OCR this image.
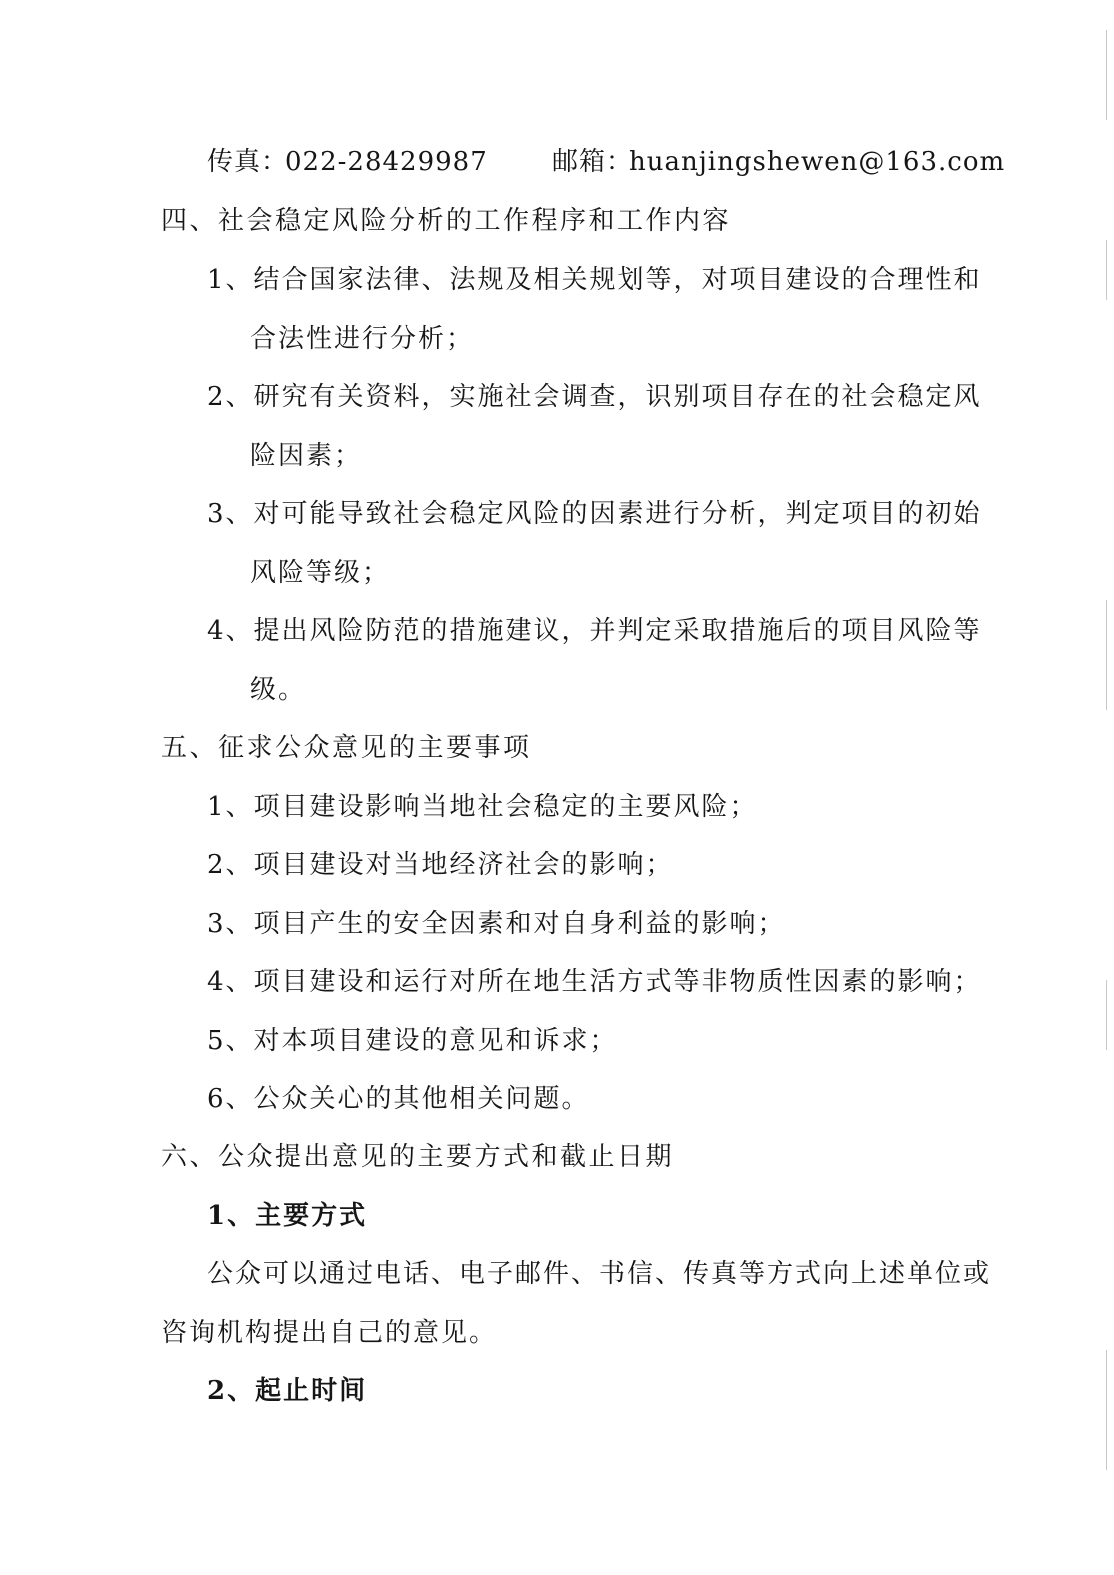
传真：
022-28429987 邮箱：
huanjingshewen@163.com
四、社会稳定风险分析的工作程序和工作内容
1、结合国家法律、法规及相关规划等，对项目建设的合理性和
合法性进行分析；
2、研究有关资料，实施社会调查，识别项目存在的社会稳定风
险因素；
3、对可能导致社会稳定风险的因素进行分析，判定项目的初始
风险等级；
4、提出风险防范的措施建议，并判定采取措施后的项目风险等
级。
五、征求公众意见的主要事项
1、项目建设影响当地社会稳定的主要风险；
2、项目建设对当地经济社会的影响；
3、项目产生的安全因素和对自身利益的影响；
4、项目建设和运行对所在地生活方式等非物质性因素的影响；
5、对本项目建设的意见和诉求；
6、公众关心的其他相关问题。
六、公众提出意见的主要方式和截止日期
1、主要方式
公众可以通过电话、电子邮件、书信、传真等方式向上述单位或
咨询机构提出自己的意见。
2、起止时间
